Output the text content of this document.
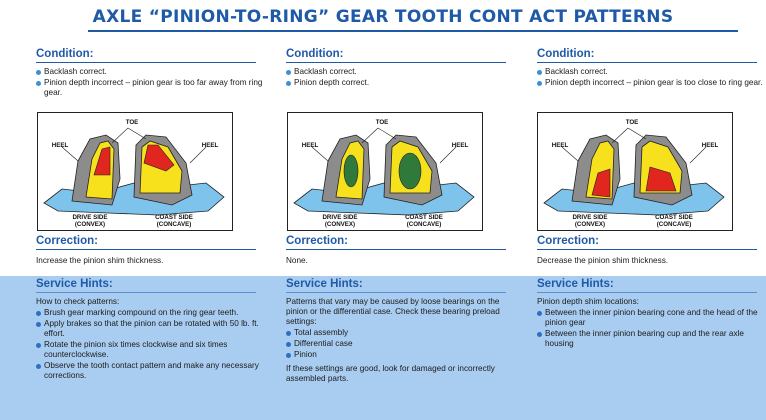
AXLE “PINION-TO-RING” GEAR TOOTH CONT ACT PATTERNS
Condition:
Backlash correct.
Pinion depth incorrect – pinion gear is too far away from ring gear.
TOE
HEEL	HEEL
DRIVE SIDE
(CONVEX)
COAST SIDE
(CONCAVE)
Correction:
Increase the pinion shim thickness.
Service Hints:
How to check patterns:
Brush gear marking compound on the ring gear teeth.
Apply brakes so that the pinion can be rotated with 50 lb. ft. effort.
Rotate the pinion six times clockwise and six times counterclockwise.
Observe the tooth contact pattern and make any necessary corrections.
Condition:
Backlash correct.
Pinion depth correct.
TOE
HEEL	HEEL
DRIVE SIDE
(CONVEX)
COAST SIDE
(CONCAVE)
Correction:
None.
Service Hints:
Patterns that vary may be caused by loose bearings on the pinion or the differential case. Check these bearing preload settings:
Total assembly
Differential case
Pinion
If these settings are good, look for damaged or incorrectly assembled parts.
Condition:
Backlash correct.
Pinion depth incorrect – pinion gear is too close to ring gear.
TOE
HEEL	HEEL
DRIVE SIDE
(CONVEX)
COAST SIDE
(CONCAVE)
Correction:
Decrease the pinion shim thickness.
Service Hints:
Pinion depth shim locations:
Between the inner pinion bearing cone and the head of the pinion gear
Between the inner pinion bearing cup and the rear axle housing
